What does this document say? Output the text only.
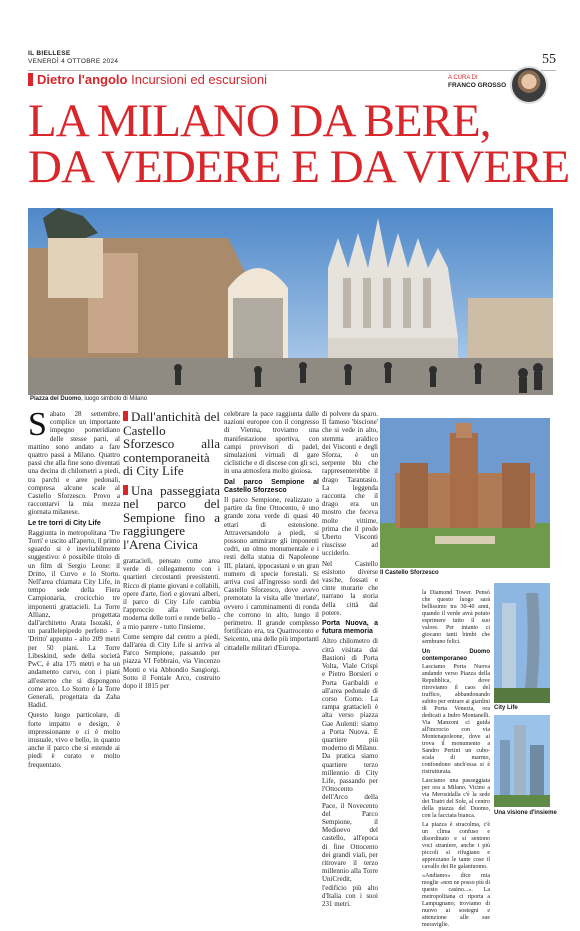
IL BIELLESE
VENERDÌ 4 OTTOBRE 2024	55
Dietro l'angolo Incursioni ed escursioni	A CURA DI
FRANCO GROSSO
LA MILANO DA BERE,
DA VEDERE E DA VIVERE
Piazza del Duomo, luogo simbolo di Milano
S abato 28 settembre, complice un importante impegno pomeridiano delle stesse parti, al mattino sono andato a fare quattro passi a Milano. Quattro passi che alla fine sono diventati una decina di chilometri a piedi, tra parchi e aree pedonali, compresa alcune scale al Castello Sforzesco. Provo a raccontarvi la mia mezza giornata milanese.

Le tre torri di City Life

Raggiunta in metropolitana 'Tre Torri' e uscito all'aperto, il primo sguardo si è inevitabilmente suggestivo: è possibile titolo di un film di Sergio Leone: il Dritto, il Curvo e lo Storto. Nell'area chiamata City Life, in tempo sede della Fiera Campionaria, crocicchio tre imponenti grattacieli. La Torre Allianz, progettata dall'architetto Arata Isozaki, è un parallelepipedo perfetto - il 'Dritto' appunto - alto 209 metri per 50 piani. La Torre Libeskind, sede della società PwC, è alta 175 metri e ha un andamento curvo, con i piani all'esterno che si dispongono come arco. Lo Storto è la Torre Generali, progettata da Zaha Hadid.

Questo luogo particolare, di forte impatto e design, è impressionante e ci è molto inusuale, vivo e bello, in quanto anche il parco che si estende ai piedi è curato e molto frequentato.

Dall'antichità del Castello Sforzesco alla contemporaneità di City Life
Una passeggiata nel parco del Sempione fino a raggiungere l'Arena Civica

grattacieli, pensato come area verde di collegamento con i quartieri circostanti preesistenti. Ricco di piante giovani e collabili, opere d'arte, fiori e giovani alberi, il parco di City Life cambia l'approccio alla verticalità moderna delle torri e rende bello - a mio parere - tutto l'insieme.

Come sempre dal centro a piedi, dall'area di City Life si arriva al Parco Sempione, passando per piazza VI Febbraio, via Vincenzo Monti e via Abbondio Sangiorgi. Sotto il Fontale Arco, costruito dopo il 1815 per

celebrare la pace raggiunta dalle nazioni europee con il congresso di Vienna, troviamo una manifestazione sportiva, con campi provvisori di padel, simulazioni virtuali di gare ciclistiche e di discese con gli sci, in una atmosfera molto gioiosa.

Dal parco Sempione al Castello Sforzesco

Il parco Sempione, realizzato a partire da fine Ottocento, è uno grande zona verde di quasi 40 ettari di estensione. Attraversandolo a piedi, si possono ammirare gli imponenti cedri, un olmo monumentale e i resti della statua di Napoleone III, platani, ippocastani e un gran numero di specie forestali. Si arriva così all'ingresso sordi del Castello Sforzesco, dove avevo premotato la visita alle 'merlate', ovvero i camminamenti di ronda che corrono in alto, lungo il perimetro. Il grande complesso fortificato era, tra Quattrocento e Seicento, una delle più importanti cittadelle militari d'Europa.

di polvere da sparo. Il famoso 'biscione' che si vede in alto, stemma araldico dei Visconti e degli Sforza, è un serpente blu che rappresenterebbe il drago Tarantasio. La leggenda racconta che il drago era un mostro che feceva molte vittime, prima che il prode Uberto Visconti riuscisse ad ucciderlo.

Nel Castello esistono diverse vasche, fossati e cinte murarie che narrano la storia della città dal potere.

Porta Nuova, a futura memoria

Altro chilometro di città visitata dai Bastioni di Porta Volta, Viale Crispi e Pietro Borsieri e Porta Garibaldi e all'area pedonale di corso Como. La rampa grattacieli è alta verso piazza Gae Aulenti: siamo a Porta Nuova. È quartiere più moderno di Milano. Da pratica siamo quartiere terzo millennio di City Life, passando per l'Ottocento dell'Arco della Pace, il Novecento del Parco Sempione, il Medioevo del castello, all'epoca di fine Ottocento dei grandi viali, per ritrovare il terzo millennio alla Torre UniCredit, l'edificio più alto d'Italia con i suoi 231 metri.

la Diamond Tower. Pensò che questo luogo sarà bellissimo tra 30-40 anni, quando il verde avrà potuto esprimere tutto il suo valore. Per intanto ci giocano tanti bimbi che sembrano felici.

Un Duomo contemporaneo

Lasciamo Porta Nuova andando verso Piazza della Repubblica, dove ritroviamo il caos del traffico, abbandonando subito per entrare ai giardini di Porta Venezia, ora dedicati a Indro Montanelli. Via Manzoni ci guida all'incrocio con via Montenapoleone, dove ai trova il monumento a Sandro Pertini un cubo-scala di marmo, confondono anch'essa si è ristrutturata.

Lasciamo una passeggiata per ora a Milano. Vicino a via Merosidalla c'è la sede dei Teatri del Sole, al centro della piazza del Duomo, con la facciata bianca.

La piazza è stracolma, c'è un clima confuso e disordinato e si sentono voci straniere, anche i più piccoli si rifugiano e apprezzano le tante cose il cavallo dei Re galantuomo.

«Andiamo» dice mia moglie «non ne posso più di questo casino...». La metropolitana ci riporta a Lampugnano; troviamo di nuovo ai sostegni e attenzione alle sue meraviglie.

Il Castello Sforzesco
City Life
Una visione d'insieme
